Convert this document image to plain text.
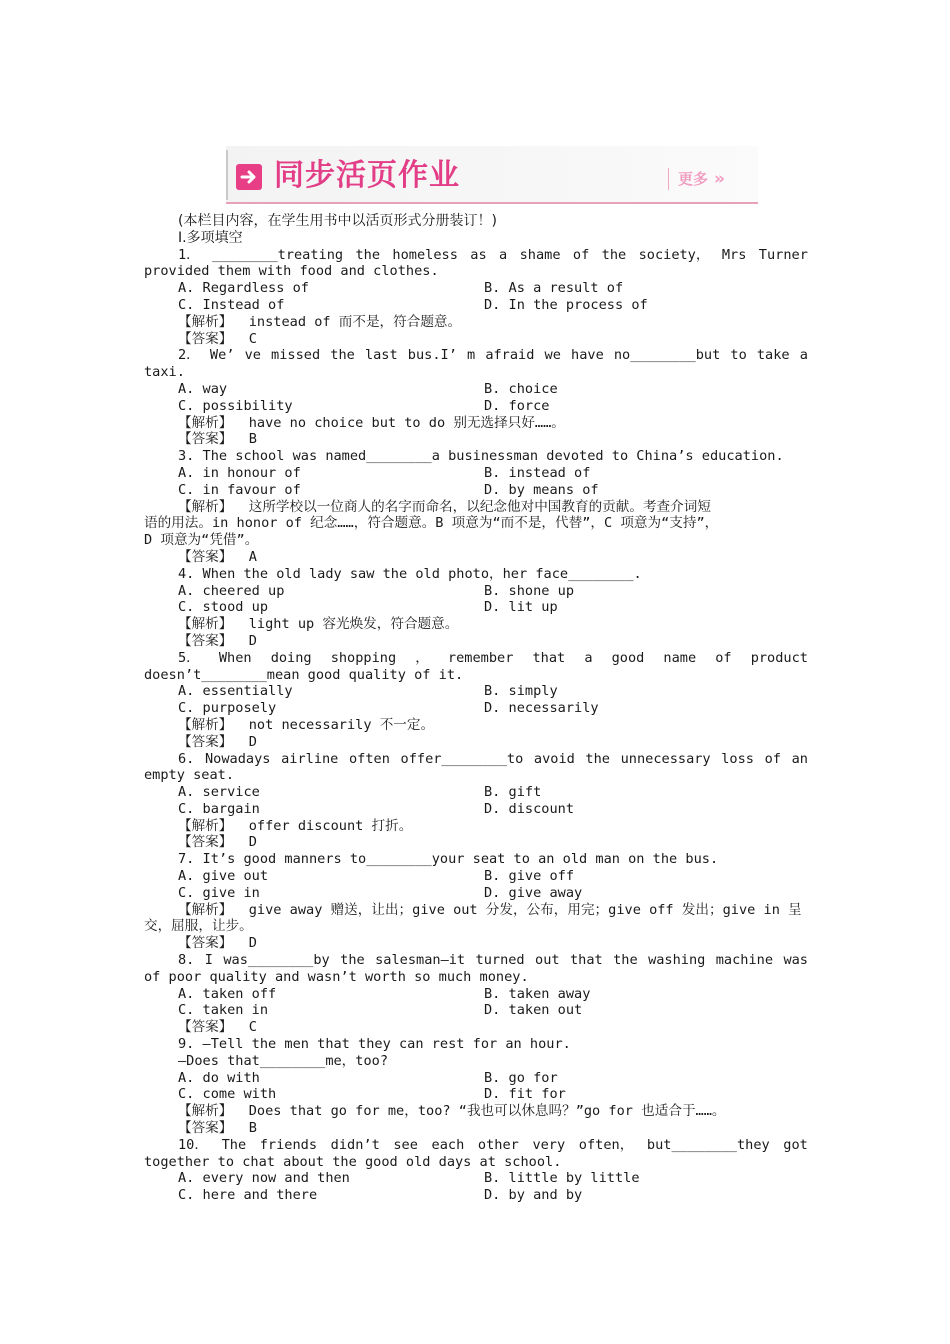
同步活页作业	更多 »
(本栏目内容，在学生用书中以活页形式分册装订！)
Ⅰ.多项填空
1． ________treating the homeless as a shame of the society， Mrs Turner
provided them with food and clothes.
A. Regardless of	B. As a result of
C. Instead of	D. In the process of
【解析】  instead of 而不是，符合题意。
【答案】  C
2． We’ ve missed the last bus.I’ m afraid we have no________but to take a
taxi.
A. way	B. choice
C. possibility	D. force
【解析】  have no choice but to do 别无选择只好……。
【答案】  B
3. The school was named________a businessman devoted to China’s education.
A. in honour of	B. instead of
C. in favour of	D. by means of
【解析】  这所学校以一位商人的名字而命名，以纪念他对中国教育的贡献。考查介词短
语的用法。in honor of 纪念……，符合题意。B 项意为“而不是，代替”，C 项意为“支持”，
D 项意为“凭借”。
【答案】  A
4. When the old lady saw the old photo，her face________.
A. cheered up	B. shone up
C. stood up	D. lit up
【解析】  light up 容光焕发，符合题意。
【答案】  D
5． When doing shopping ， remember that a good name of product
doesn’t________mean good quality of it.
A. essentially	B. simply
C. purposely	D. necessarily
【解析】  not necessarily 不一定。
【答案】  D
6. Nowadays airline often offer________to avoid the unnecessary loss of an
empty seat.
A. service	B. gift
C. bargain	D. discount
【解析】  offer discount 打折。
【答案】  D
7. It’s good manners to________your seat to an old man on the bus.
A. give out	B. give off
C. give in	D. give away
【解析】  give away 赠送，让出；give out 分发，公布，用完；give off 发出；give in 呈
交，屈服，让步。
【答案】  D
8. I was________by the salesman—it turned out that the washing machine was
of poor quality and wasn’t worth so much money.
A. taken off	B. taken away
C. taken in	D. taken out
【答案】  C
9. —Tell the men that they can rest for an hour.
—Does that________me，too?
A. do with	B. go for
C. come with	D. fit for
【解析】  Does that go for me，too? “我也可以休息吗？”go for 也适合于……。
【答案】  B
10． The friends didn’t see each other very often， but________they got
together to chat about the good old days at school.
A. every now and then	B. little by little
C. here and there	D. by and by
